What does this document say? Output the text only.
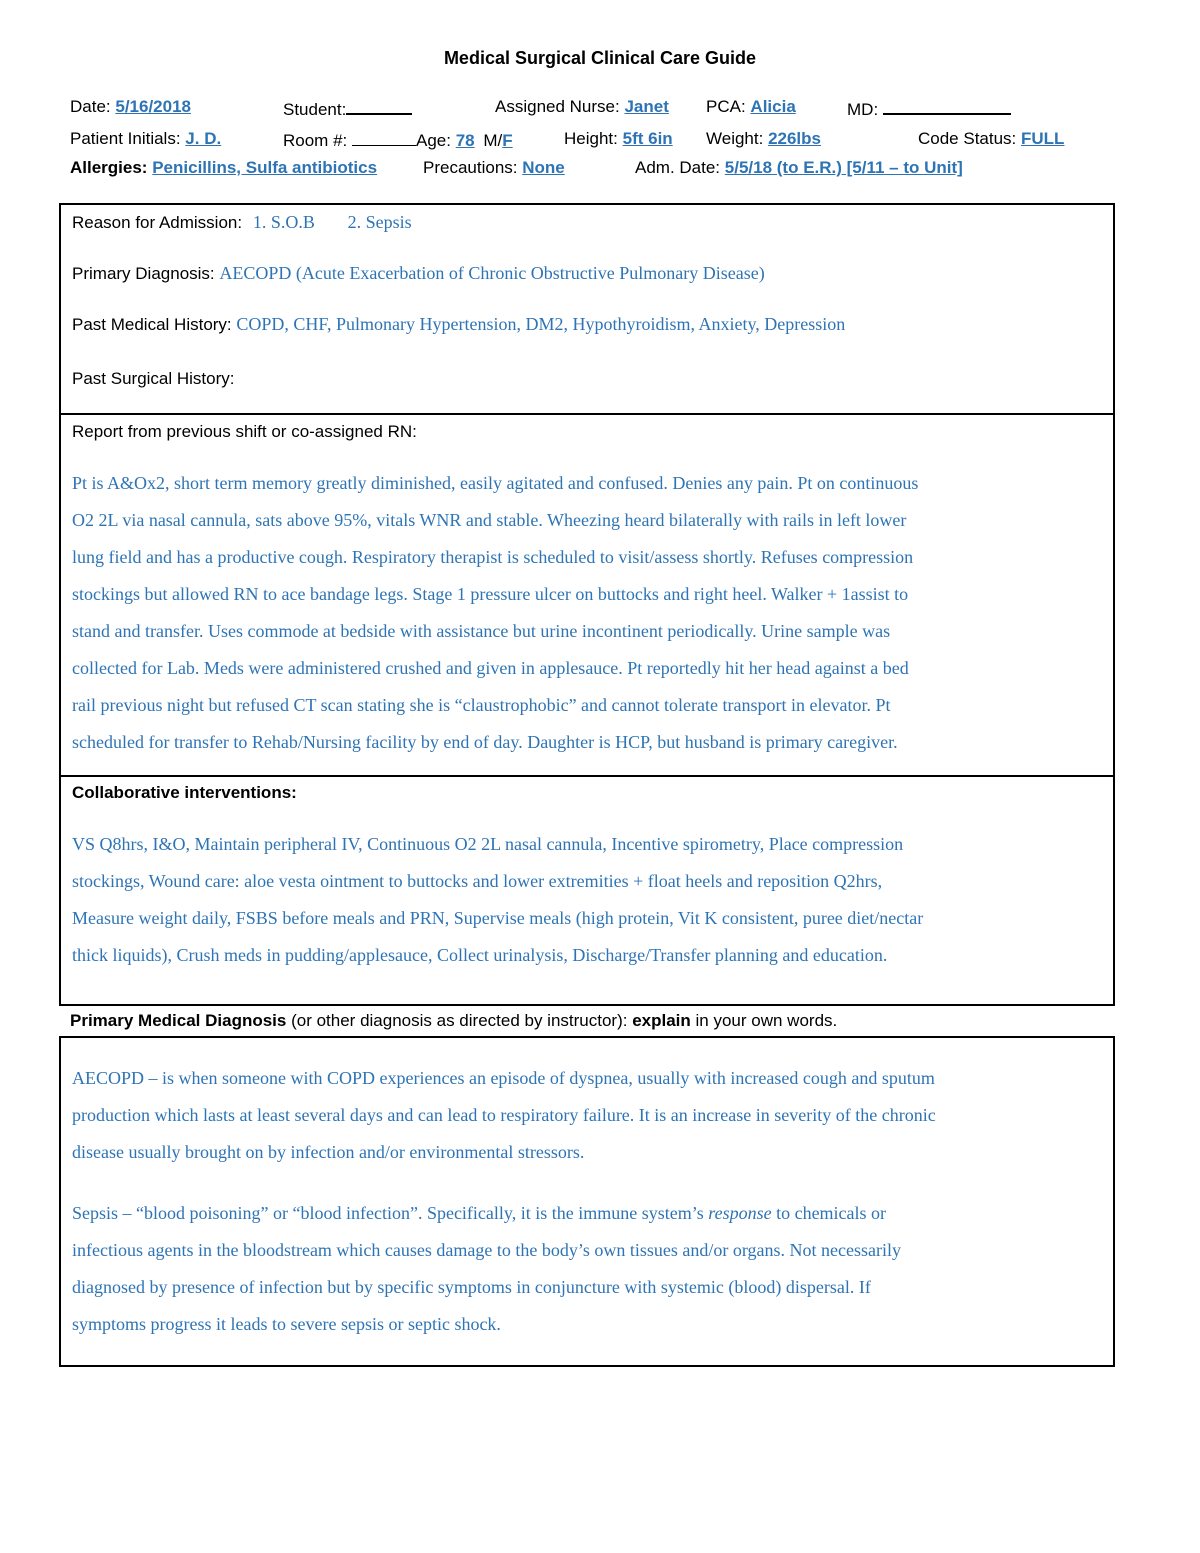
Medical Surgical Clinical Care Guide
Date: 5/16/2018	Student:	Assigned Nurse: Janet PCA: Alicia	MD:
Patient Initials: J. D.	Room #:	Age: 78 M/F	Height: 5ft 6in Weight: 226lbs	Code Status: FULL
Allergies: Penicillins, Sulfa antibiotics	Precautions: None	Adm. Date: 5/5/18 (to E.R.) [5/11 – to Unit]
Reason for Admission: 1. S.O.B 2. Sepsis
Primary Diagnosis: AECOPD (Acute Exacerbation of Chronic Obstructive Pulmonary Disease)
Past Medical History: COPD, CHF, Pulmonary Hypertension, DM2, Hypothyroidism, Anxiety, Depression
Past Surgical History:
Report from previous shift or co-assigned RN:
Pt is A&Ox2, short term memory greatly diminished, easily agitated and confused. Denies any pain. Pt on continuous
O2 2L via nasal cannula, sats above 95%, vitals WNR and stable. Wheezing heard bilaterally with rails in left lower
lung field and has a productive cough. Respiratory therapist is scheduled to visit/assess shortly. Refuses compression
stockings but allowed RN to ace bandage legs. Stage 1 pressure ulcer on buttocks and right heel. Walker + 1assist to
stand and transfer. Uses commode at bedside with assistance but urine incontinent periodically. Urine sample was
collected for Lab. Meds were administered crushed and given in applesauce. Pt reportedly hit her head against a bed
rail previous night but refused CT scan stating she is “claustrophobic” and cannot tolerate transport in elevator. Pt
scheduled for transfer to Rehab/Nursing facility by end of day. Daughter is HCP, but husband is primary caregiver.
Collaborative interventions:
VS Q8hrs, I&O, Maintain peripheral IV, Continuous O2 2L nasal cannula, Incentive spirometry, Place compression
stockings, Wound care: aloe vesta ointment to buttocks and lower extremities + float heels and reposition Q2hrs,
Measure weight daily, FSBS before meals and PRN, Supervise meals (high protein, Vit K consistent, puree diet/nectar
thick liquids), Crush meds in pudding/applesauce, Collect urinalysis, Discharge/Transfer planning and education.
Primary Medical Diagnosis (or other diagnosis as directed by instructor): explain in your own words.
AECOPD – is when someone with COPD experiences an episode of dyspnea, usually with increased cough and sputum
production which lasts at least several days and can lead to respiratory failure. It is an increase in severity of the chronic
disease usually brought on by infection and/or environmental stressors.
Sepsis – “blood poisoning” or “blood infection”. Specifically, it is the immune system’s response to chemicals or
infectious agents in the bloodstream which causes damage to the body’s own tissues and/or organs. Not necessarily
diagnosed by presence of infection but by specific symptoms in conjuncture with systemic (blood) dispersal. If
symptoms progress it leads to severe sepsis or septic shock.
